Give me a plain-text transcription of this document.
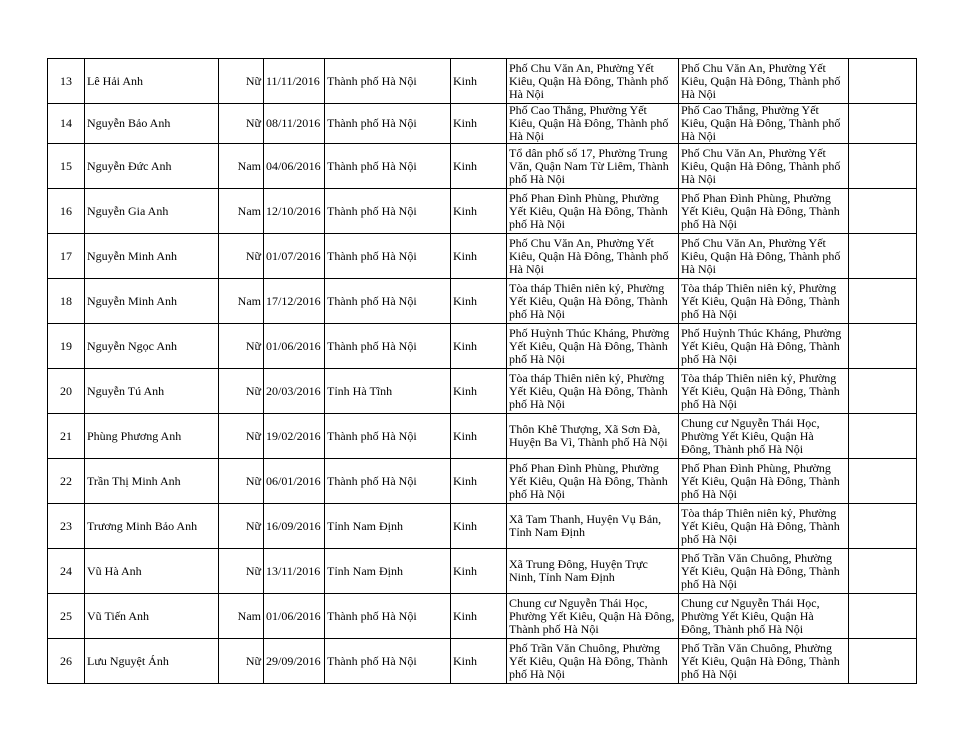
13	Lê Hải Anh	Nữ	11/11/2016	Thành phố Hà Nội	Kinh	Phố Chu Văn An, Phường Yết Kiêu, Quận Hà Đông, Thành phố Hà Nội	Phố Chu Văn An, Phường Yết Kiêu, Quận Hà Đông, Thành phố Hà Nội	
14	Nguyễn Bảo Anh	Nữ	08/11/2016	Thành phố Hà Nội	Kinh	Phố Cao Thắng, Phường Yết Kiêu, Quận Hà Đông, Thành phố Hà Nội	Phố Cao Thắng, Phường Yết Kiêu, Quận Hà Đông, Thành phố Hà Nội	
15	Nguyễn Đức Anh	Nam	04/06/2016	Thành phố Hà Nội	Kinh	Tổ dân phố số 17, Phường Trung Văn, Quận Nam Từ Liêm, Thành phố Hà Nội	Phố Chu Văn An, Phường Yết Kiêu, Quận Hà Đông, Thành phố Hà Nội	
16	Nguyễn Gia Anh	Nam	12/10/2016	Thành phố Hà Nội	Kinh	Phố Phan Đình Phùng, Phường Yết Kiêu, Quận Hà Đông, Thành phố Hà Nội	Phố Phan Đình Phùng, Phường Yết Kiêu, Quận Hà Đông, Thành phố Hà Nội	
17	Nguyễn Minh Anh	Nữ	01/07/2016	Thành phố Hà Nội	Kinh	Phố Chu Văn An, Phường Yết Kiêu, Quận Hà Đông, Thành phố Hà Nội	Phố Chu Văn An, Phường Yết Kiêu, Quận Hà Đông, Thành phố Hà Nội	
18	Nguyễn Minh Anh	Nam	17/12/2016	Thành phố Hà Nội	Kinh	Tòa tháp Thiên niên kỷ, Phường Yết Kiêu, Quận Hà Đông, Thành phố Hà Nội	Tòa tháp Thiên niên kỷ, Phường Yết Kiêu, Quận Hà Đông, Thành phố Hà Nội	
19	Nguyễn Ngọc Anh	Nữ	01/06/2016	Thành phố Hà Nội	Kinh	Phố Huỳnh Thúc Kháng, Phường Yết Kiêu, Quận Hà Đông, Thành phố Hà Nội	Phố Huỳnh Thúc Kháng, Phường Yết Kiêu, Quận Hà Đông, Thành phố Hà Nội	
20	Nguyễn Tú Anh	Nữ	20/03/2016	Tỉnh Hà Tĩnh	Kinh	Tòa tháp Thiên niên kỷ, Phường Yết Kiêu, Quận Hà Đông, Thành phố Hà Nội	Tòa tháp Thiên niên kỷ, Phường Yết Kiêu, Quận Hà Đông, Thành phố Hà Nội	
21	Phùng Phương Anh	Nữ	19/02/2016	Thành phố Hà Nội	Kinh	Thôn Khê Thượng, Xã Sơn Đà, Huyện Ba Vì, Thành phố Hà Nội	Chung cư Nguyễn Thái Học, Phường Yết Kiêu, Quận Hà Đông, Thành phố Hà Nội	
22	Trần Thị Minh Anh	Nữ	06/01/2016	Thành phố Hà Nội	Kinh	Phố Phan Đình Phùng, Phường Yết Kiêu, Quận Hà Đông, Thành phố Hà Nội	Phố Phan Đình Phùng, Phường Yết Kiêu, Quận Hà Đông, Thành phố Hà Nội	
23	Trương Minh Bảo Anh	Nữ	16/09/2016	Tỉnh Nam Định	Kinh	Xã Tam Thanh, Huyện Vụ Bản, Tỉnh Nam Định	Tòa tháp Thiên niên kỷ, Phường Yết Kiêu, Quận Hà Đông, Thành phố Hà Nội	
24	Vũ Hà Anh	Nữ	13/11/2016	Tỉnh Nam Định	Kinh	Xã Trung Đông, Huyện Trực Ninh, Tỉnh Nam Định	Phố Trần Văn Chuông, Phường Yết Kiêu, Quận Hà Đông, Thành phố Hà Nội	
25	Vũ Tiến Anh	Nam	01/06/2016	Thành phố Hà Nội	Kinh	Chung cư Nguyễn Thái Học, Phường Yết Kiêu, Quận Hà Đông, Thành phố Hà Nội	Chung cư Nguyễn Thái Học, Phường Yết Kiêu, Quận Hà Đông, Thành phố Hà Nội	
26	Lưu Nguyệt Ánh	Nữ	29/09/2016	Thành phố Hà Nội	Kinh	Phố Trần Văn Chuông, Phường Yết Kiêu, Quận Hà Đông, Thành phố Hà Nội	Phố Trần Văn Chuông, Phường Yết Kiêu, Quận Hà Đông, Thành phố Hà Nội	
